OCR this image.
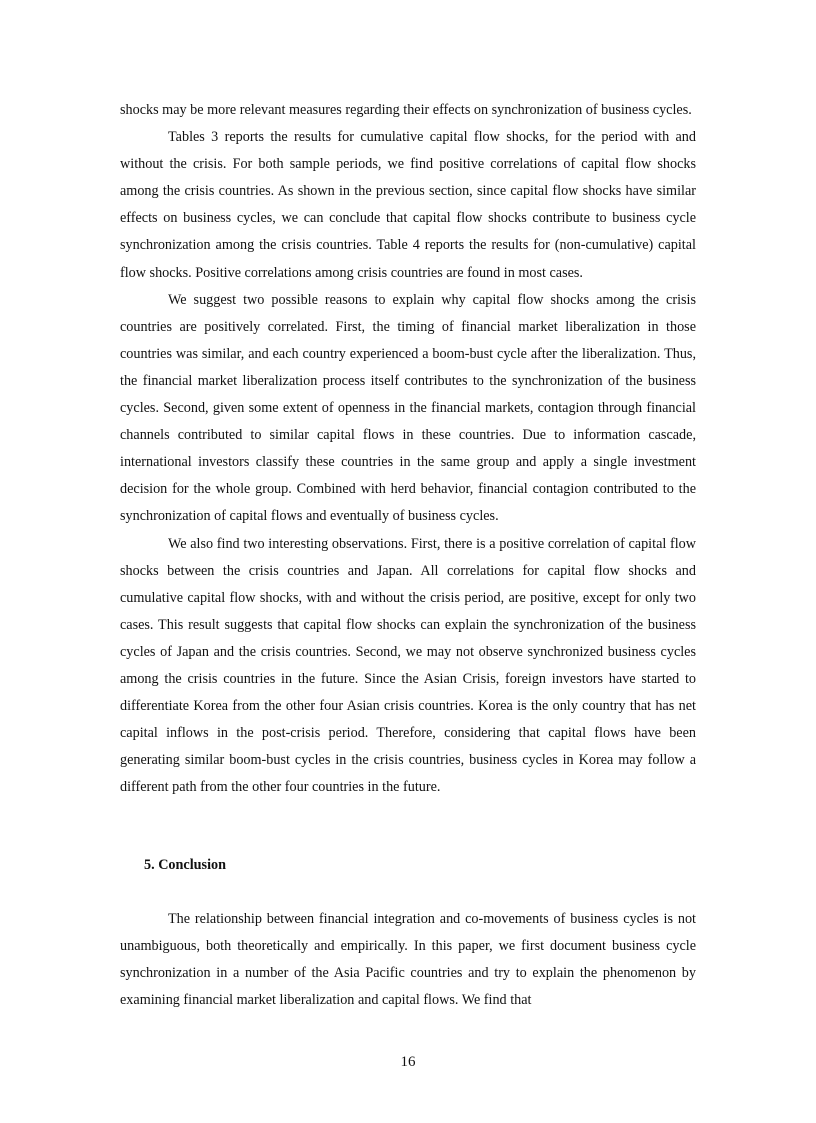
shocks may be more relevant measures regarding their effects on synchronization of business cycles.

Tables 3 reports the results for cumulative capital flow shocks, for the period with and without the crisis. For both sample periods, we find positive correlations of capital flow shocks among the crisis countries. As shown in the previous section, since capital flow shocks have similar effects on business cycles, we can conclude that capital flow shocks contribute to business cycle synchronization among the crisis countries. Table 4 reports the results for (non-cumulative) capital flow shocks. Positive correlations among crisis countries are found in most cases.

We suggest two possible reasons to explain why capital flow shocks among the crisis countries are positively correlated. First, the timing of financial market liberalization in those countries was similar, and each country experienced a boom-bust cycle after the liberalization. Thus, the financial market liberalization process itself contributes to the synchronization of the business cycles. Second, given some extent of openness in the financial markets, contagion through financial channels contributed to similar capital flows in these countries. Due to information cascade, international investors classify these countries in the same group and apply a single investment decision for the whole group. Combined with herd behavior, financial contagion contributed to the synchronization of capital flows and eventually of business cycles.

We also find two interesting observations. First, there is a positive correlation of capital flow shocks between the crisis countries and Japan. All correlations for capital flow shocks and cumulative capital flow shocks, with and without the crisis period, are positive, except for only two cases. This result suggests that capital flow shocks can explain the synchronization of the business cycles of Japan and the crisis countries. Second, we may not observe synchronized business cycles among the crisis countries in the future. Since the Asian Crisis, foreign investors have started to differentiate Korea from the other four Asian crisis countries. Korea is the only country that has net capital inflows in the post-crisis period. Therefore, considering that capital flows have been generating similar boom-bust cycles in the crisis countries, business cycles in Korea may follow a different path from the other four countries in the future.

5. Conclusion

The relationship between financial integration and co-movements of business cycles is not unambiguous, both theoretically and empirically. In this paper, we first document business cycle synchronization in a number of the Asia Pacific countries and try to explain the phenomenon by examining financial market liberalization and capital flows. We find that

16
